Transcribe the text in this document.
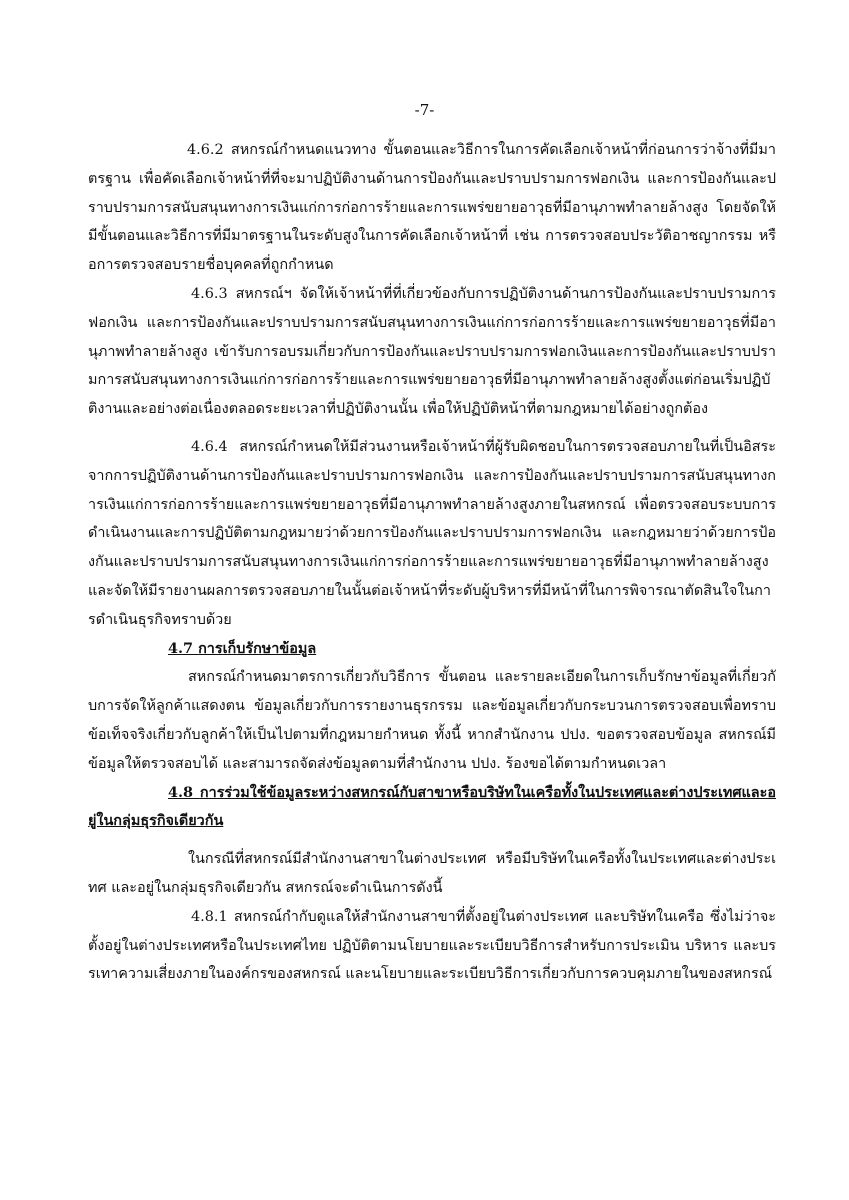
-7-

4.6.2 สหกรณ์กำหนดแนวทาง ขั้นตอนและวิธีการในการคัดเลือกเจ้าหน้าที่ก่อนการว่าจ้างที่มีมาตรฐาน เพื่อคัดเลือกเจ้าหน้าที่ที่จะมาปฏิบัติงานด้านการป้องกันและปราบปรามการฟอกเงิน และการป้องกันและปราบปรามการสนับสนุนทางการเงินแก่การก่อการร้ายและการแพร่ขยายอาวุธที่มีอานุภาพทำลายล้างสูง โดยจัดให้มีขั้นตอนและวิธีการที่มีมาตรฐานในระดับสูงในการคัดเลือกเจ้าหน้าที่ เช่น การตรวจสอบประวัติอาชญากรรม หรือการตรวจสอบรายชื่อบุคคลที่ถูกกำหนด

4.6.3 สหกรณ์ฯ จัดให้เจ้าหน้าที่ที่เกี่ยวข้องกับการปฏิบัติงานด้านการป้องกันและปราบปรามการฟอกเงิน และการป้องกันและปราบปรามการสนับสนุนทางการเงินแก่การก่อการร้ายและการแพร่ขยายอาวุธที่มีอานุภาพทำลายล้างสูง เข้ารับการอบรมเกี่ยวกับการป้องกันและปราบปรามการฟอกเงินและการป้องกันและปราบปรามการสนับสนุนทางการเงินแก่การก่อการร้ายและการแพร่ขยายอาวุธที่มีอานุภาพทำลายล้างสูงตั้งแต่ก่อนเริ่มปฏิบัติงานและอย่างต่อเนื่องตลอดระยะเวลาที่ปฏิบัติงานนั้น เพื่อให้ปฏิบัติหน้าที่ตามกฎหมายได้อย่างถูกต้อง

4.6.4 สหกรณ์กำหนดให้มีส่วนงานหรือเจ้าหน้าที่ผู้รับผิดชอบในการตรวจสอบภายในที่เป็นอิสระจากการปฏิบัติงานด้านการป้องกันและปราบปรามการฟอกเงิน และการป้องกันและปราบปรามการสนับสนุนทางการเงินแก่การก่อการร้ายและการแพร่ขยายอาวุธที่มีอานุภาพทำลายล้างสูงภายในสหกรณ์ เพื่อตรวจสอบระบบการดำเนินงานและการปฏิบัติตามกฎหมายว่าด้วยการป้องกันและปราบปรามการฟอกเงิน และกฎหมายว่าด้วยการป้องกันและปราบปรามการสนับสนุนทางการเงินแก่การก่อการร้ายและการแพร่ขยายอาวุธที่มีอานุภาพทำลายล้างสูง และจัดให้มีรายงานผลการตรวจสอบภายในนั้นต่อเจ้าหน้าที่ระดับผู้บริหารที่มีหน้าที่ในการพิจารณาตัดสินใจในการดำเนินธุรกิจทราบด้วย

4.7 การเก็บรักษาข้อมูล

สหกรณ์กำหนดมาตรการเกี่ยวกับวิธีการ ขั้นตอน และรายละเอียดในการเก็บรักษาข้อมูลที่เกี่ยวกับการจัดให้ลูกค้าแสดงตน ข้อมูลเกี่ยวกับการรายงานธุรกรรม และข้อมูลเกี่ยวกับกระบวนการตรวจสอบเพื่อทราบข้อเท็จจริงเกี่ยวกับลูกค้าให้เป็นไปตามที่กฎหมายกำหนด ทั้งนี้ หากสำนักงาน ปปง. ขอตรวจสอบข้อมูล สหกรณ์มีข้อมูลให้ตรวจสอบได้ และสามารถจัดส่งข้อมูลตามที่สำนักงาน ปปง. ร้องขอได้ตามกำหนดเวลา

4.8 การร่วมใช้ข้อมูลระหว่างสหกรณ์กับสาขาหรือบริษัทในเครือทั้งในประเทศและต่างประเทศและอยู่ในกลุ่มธุรกิจเดียวกัน

ในกรณีที่สหกรณ์มีสำนักงานสาขาในต่างประเทศ หรือมีบริษัทในเครือทั้งในประเทศและต่างประเทศ และอยู่ในกลุ่มธุรกิจเดียวกัน สหกรณ์จะดำเนินการดังนี้

4.8.1 สหกรณ์กำกับดูแลให้สำนักงานสาขาที่ตั้งอยู่ในต่างประเทศ และบริษัทในเครือ ซึ่งไม่ว่าจะตั้งอยู่ในต่างประเทศหรือในประเทศไทย ปฏิบัติตามนโยบายและระเบียบวิธีการสำหรับการประเมิน บริหาร และบรรเทาความเสี่ยงภายในองค์กรของสหกรณ์ และนโยบายและระเบียบวิธีการเกี่ยวกับการควบคุมภายในของสหกรณ์
